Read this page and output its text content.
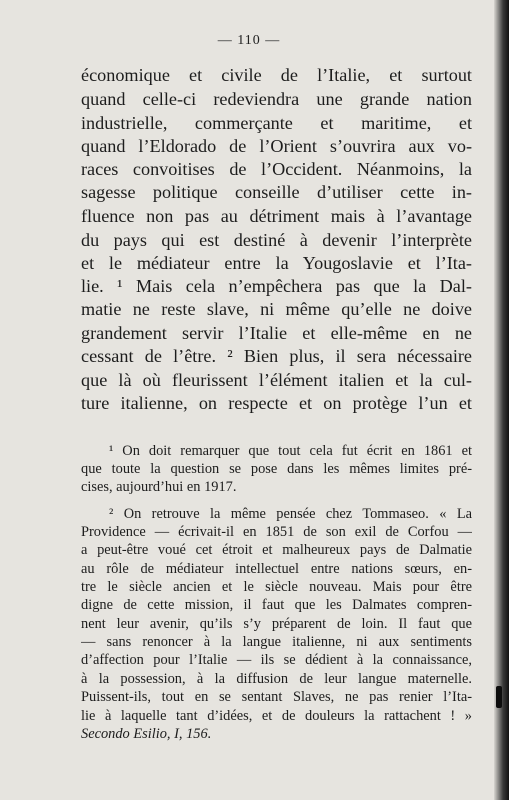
— 110 —
économique et civile de l’Italie, et surtout
quand celle-ci redeviendra une grande nation
industrielle, commerçante et maritime, et
quand l’Eldorado de l’Orient s’ouvrira aux vo-
races convoitises de l’Occident. Néanmoins, la
sagesse politique conseille d’utiliser cette in-
fluence non pas au détriment mais à l’avantage
du pays qui est destiné à devenir l’interprète
et le médiateur entre la Yougoslavie et l’Ita-
lie. ¹ Mais cela n’empêchera pas que la Dal-
matie ne reste slave, ni même qu’elle ne doive
grandement servir l’Italie et elle-même en ne
cessant de l’être. ² Bien plus, il sera nécessaire
que là où fleurissent l’élément italien et la cul-
ture italienne, on respecte et on protège l’un et
¹ On doit remarquer que tout cela fut écrit en 1861 et
que toute la question se pose dans les mêmes limites pré-
cises, aujourd’hui en 1917.
² On retrouve la même pensée chez Tommaseo. « La
Providence — écrivait-il en 1851 de son exil de Corfou —
a peut-être voué cet étroit et malheureux pays de Dalmatie
au rôle de médiateur intellectuel entre nations sœurs, en-
tre le siècle ancien et le siècle nouveau. Mais pour être
digne de cette mission, il faut que les Dalmates compren-
nent leur avenir, qu’ils s’y préparent de loin. Il faut que
— sans renoncer à la langue italienne, ni aux sentiments
d’affection pour l’Italie — ils se dédient à la connaissance,
à la possession, à la diffusion de leur langue maternelle.
Puissent-ils, tout en se sentant Slaves, ne pas renier l’Ita-
lie à laquelle tant d’idées, et de douleurs la rattachent ! »
Secondo Esilio, I, 156.
